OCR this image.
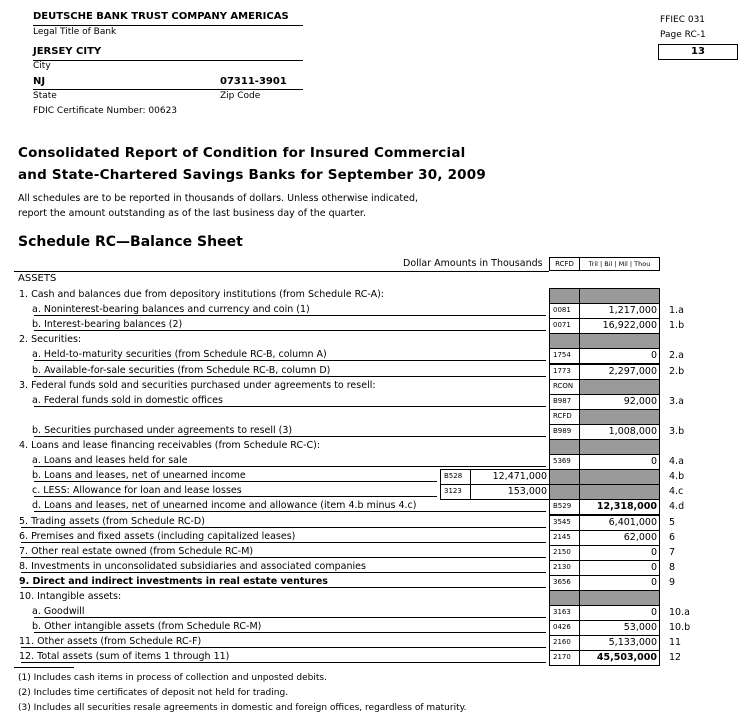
DEUTSCHE BANK TRUST COMPANY AMERICAS
Legal Title of Bank
JERSEY CITY
City
NJ	07311-3901
State	Zip Code
FDIC Certificate Number: 00623
FFIEC 031
Page RC-1
13
Consolidated Report of Condition for Insured Commercial
and State-Chartered Savings Banks for September 30, 2009
All schedules are to be reported in thousands of dollars. Unless otherwise indicated,
report the amount outstanding as of the last business day of the quarter.
Schedule RC—Balance Sheet
Dollar Amounts in Thousands	RCFD	Tril | Bil | Mil | Thou
ASSETS
1. Cash and balances due from depository institutions (from Schedule RC-A):
a. Noninterest-bearing balances and currency and coin (1)	0081	1,217,000	1.a
b. Interest-bearing balances (2)	0071	16,922,000	1.b
2. Securities:
a. Held-to-maturity securities (from Schedule RC-B, column A)	1754	0	2.a
b. Available-for-sale securities (from Schedule RC-B, column D)	1773	2,297,000	2.b
3. Federal funds sold and securities purchased under agreements to resell:	RCON
a. Federal funds sold in domestic offices	B987	92,000	3.a
RCFD
b. Securities purchased under agreements to resell (3)	B989	1,008,000	3.b
4. Loans and lease financing receivables (from Schedule RC-C):
a. Loans and leases held for sale	5369	0	4.a
b. Loans and leases, net of unearned income	B528	12,471,000	4.b
c. LESS: Allowance for loan and lease losses	3123	153,000	4.c
d. Loans and leases, net of unearned income and allowance (item 4.b minus 4.c)	B529	12,318,000	4.d
5. Trading assets (from Schedule RC-D)	3545	6,401,000	5
6. Premises and fixed assets (including capitalized leases)	2145	62,000	6
7. Other real estate owned (from Schedule RC-M)	2150	0	7
8. Investments in unconsolidated subsidiaries and associated companies	2130	0	8
9. Direct and indirect investments in real estate ventures	3656	0	9
10. Intangible assets:
a. Goodwill	3163	0	10.a
b. Other intangible assets (from Schedule RC-M)	0426	53,000	10.b
11. Other assets (from Schedule RC-F)	2160	5,133,000	11
12. Total assets (sum of items 1 through 11)	2170	45,503,000	12
(1) Includes cash items in process of collection and unposted debits.
(2) Includes time certificates of deposit not held for trading.
(3) Includes all securities resale agreements in domestic and foreign offices, regardless of maturity.
